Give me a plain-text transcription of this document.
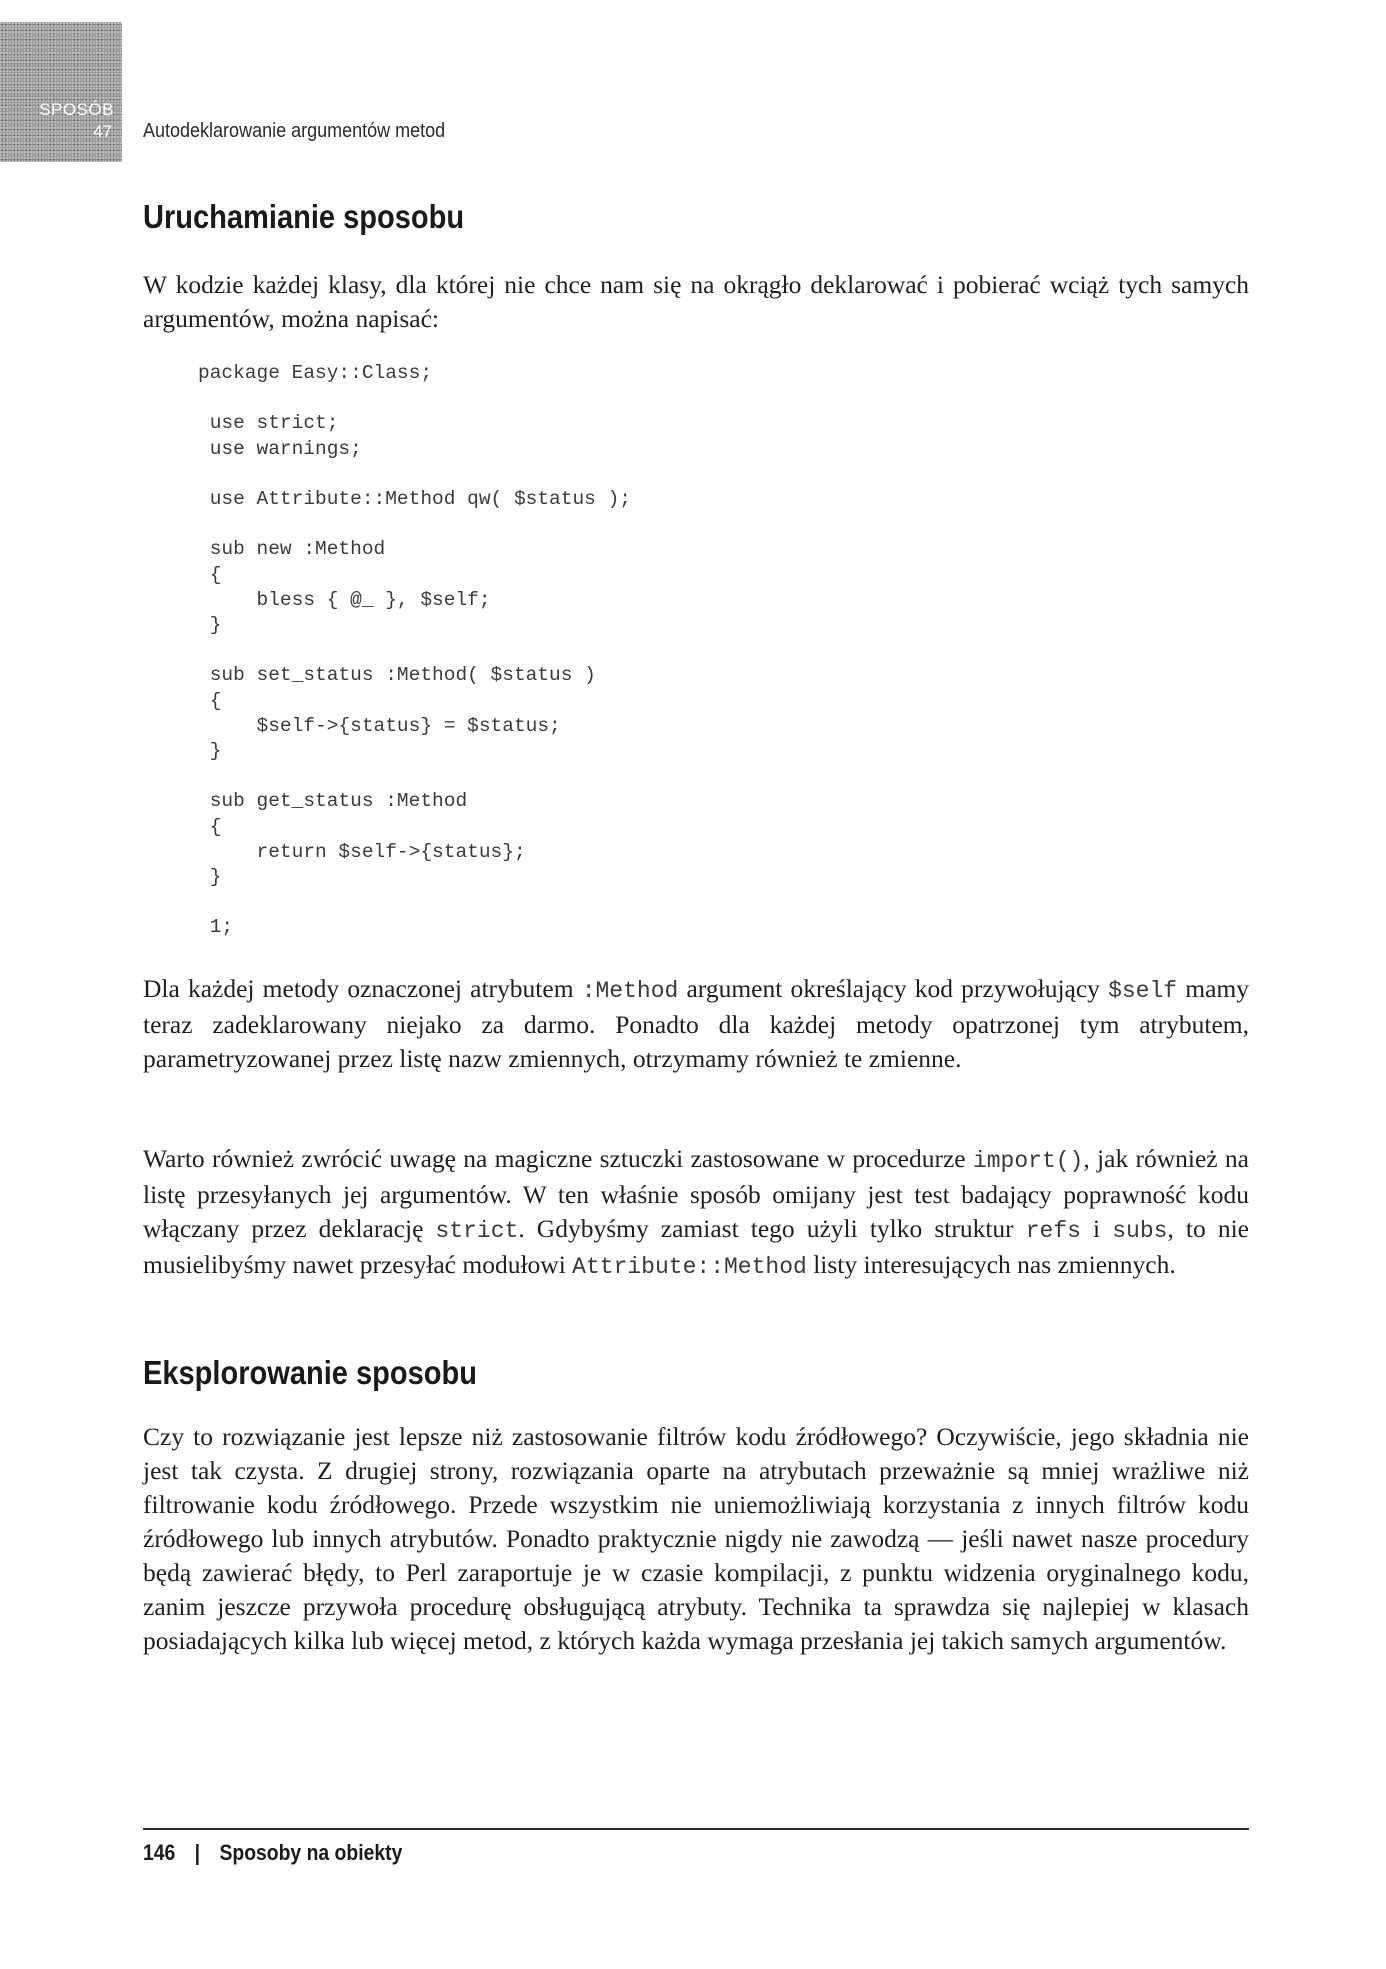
SPOSÓB
47 Autodeklarowanie argumentów metod
Uruchamianie sposobu

W kodzie każdej klasy, dla której nie chce nam się na okrągło deklarować i pobierać wciąż tych samych argumentów, można napisać:

package Easy::Class;

use strict;
use warnings;

use Attribute::Method qw( $status );

sub new :Method
{
bless { @_ }, $self;
}

sub set_status :Method( $status )
{
$self->{status} = $status;
}

sub get_status :Method
{
return $self->{status};
}

1;

Dla każdej metody oznaczonej atrybutem :Method argument określający kod przywołujący $self mamy teraz zadeklarowany niejako za darmo. Ponadto dla każdej metody opatrzonej tym atrybutem, parametryzowanej przez listę nazw zmiennych, otrzymamy również te zmienne.

Warto również zwrócić uwagę na magiczne sztuczki zastosowane w procedurze import(), jak również na listę przesyłanych jej argumentów. W ten właśnie sposób omijany jest test badający poprawność kodu włączany przez deklarację strict. Gdybyśmy zamiast tego użyli tylko struktur refs i subs, to nie musielibyśmy nawet przesyłać modułowi Attribute::Method listy interesujących nas zmiennych.

Eksplorowanie sposobu

Czy to rozwiązanie jest lepsze niż zastosowanie filtrów kodu źródłowego? Oczywiście, jego składnia nie jest tak czysta. Z drugiej strony, rozwiązania oparte na atrybutach przeważnie są mniej wrażliwe niż filtrowanie kodu źródłowego. Przede wszystkim nie uniemożliwiają korzystania z innych filtrów kodu źródłowego lub innych atrybutów. Ponadto praktycznie nigdy nie zawodzą — jeśli nawet nasze procedury będą zawierać błędy, to Perl zaraportuje je w czasie kompilacji, z punktu widzenia oryginalnego kodu, zanim jeszcze przywoła procedurę obsługującą atrybuty. Technika ta sprawdza się najlepiej w klasach posiadających kilka lub więcej metod, z których każda wymaga przesłania jej takich samych argumentów.

146 | Sposoby na obiekty
